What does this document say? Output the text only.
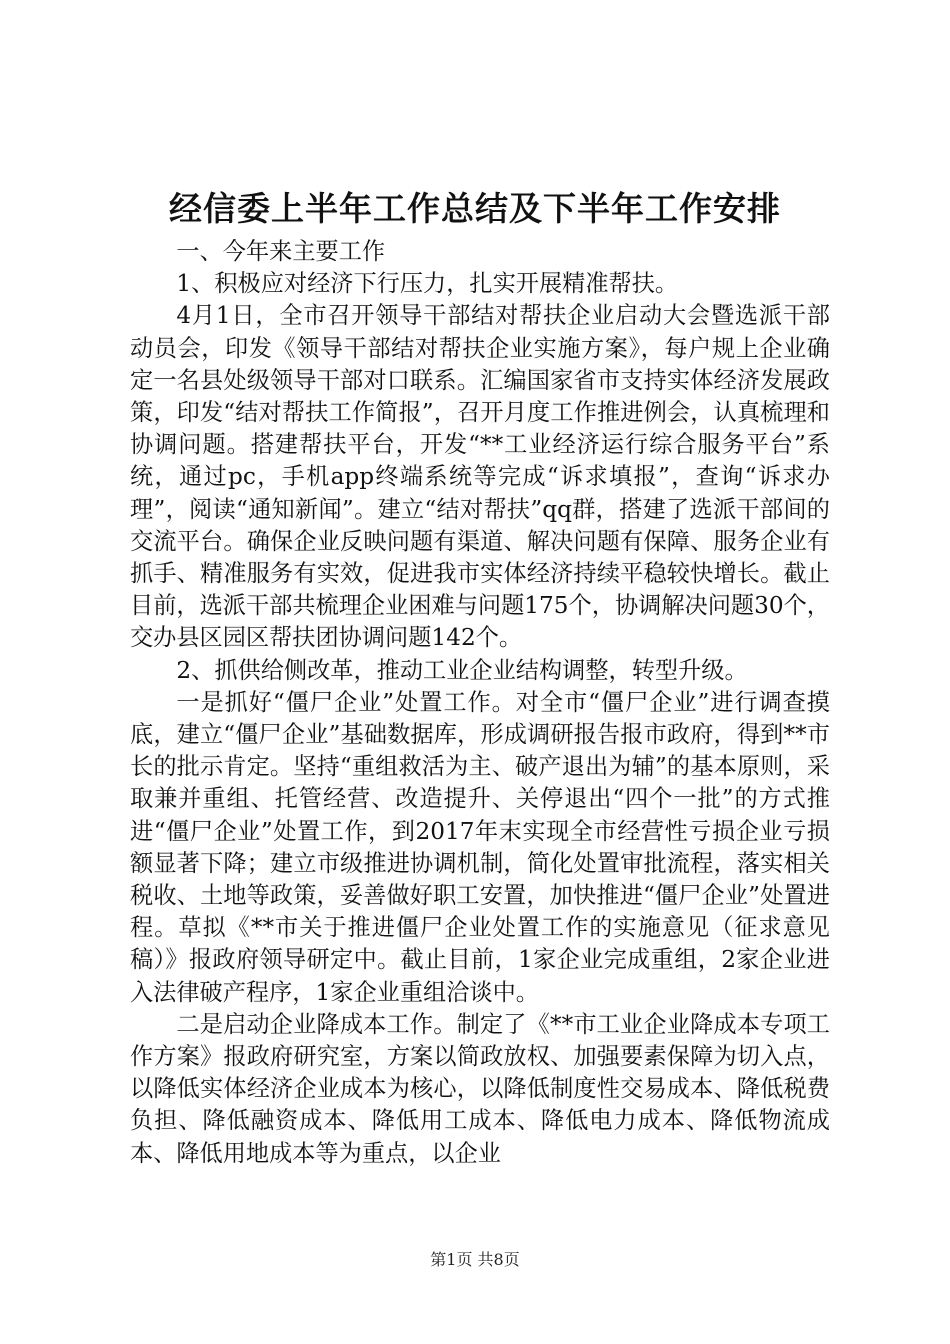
经信委上半年工作总结及下半年工作安排

一、今年来主要工作

1、积极应对经济下行压力，扎实开展精准帮扶。

4月1日，全市召开领导干部结对帮扶企业启动大会暨选派干部动员会，印发《领导干部结对帮扶企业实施方案》，每户规上企业确定一名县处级领导干部对口联系。汇编国家省市支持实体经济发展政策，印发“结对帮扶工作简报”，召开月度工作推进例会，认真梳理和协调问题。搭建帮扶平台，开发“**工业经济运行综合服务平台”系统，通过pc，手机app终端系统等完成“诉求填报”，查询“诉求办理”，阅读“通知新闻”。建立“结对帮扶”qq群，搭建了选派干部间的交流平台。确保企业反映问题有渠道、解决问题有保障、服务企业有抓手、精准服务有实效，促进我市实体经济持续平稳较快增长。截止目前，选派干部共梳理企业困难与问题175个，协调解决问题30个，交办县区园区帮扶团协调问题142个。

2、抓供给侧改革，推动工业企业结构调整，转型升级。

一是抓好“僵尸企业”处置工作。对全市“僵尸企业”进行调查摸底，建立“僵尸企业”基础数据库，形成调研报告报市政府，得到**市长的批示肯定。坚持“重组救活为主、破产退出为辅”的基本原则，采取兼并重组、托管经营、改造提升、关停退出“四个一批”的方式推进“僵尸企业”处置工作，到2017年末实现全市经营性亏损企业亏损额显著下降；建立市级推进协调机制，简化处置审批流程，落实相关税收、土地等政策，妥善做好职工安置，加快推进“僵尸企业”处置进程。草拟《**市关于推进僵尸企业处置工作的实施意见（征求意见稿）》报政府领导研定中。截止目前，1家企业完成重组，2家企业进入法律破产程序，1家企业重组洽谈中。

二是启动企业降成本工作。制定了《**市工业企业降成本专项工作方案》报政府研究室，方案以简政放权、加强要素保障为切入点，以降低实体经济企业成本为核心，以降低制度性交易成本、降低税费负担、降低融资成本、降低用工成本、降低电力成本、降低物流成本、降低用地成本等为重点，以企业

第1页 共8页
